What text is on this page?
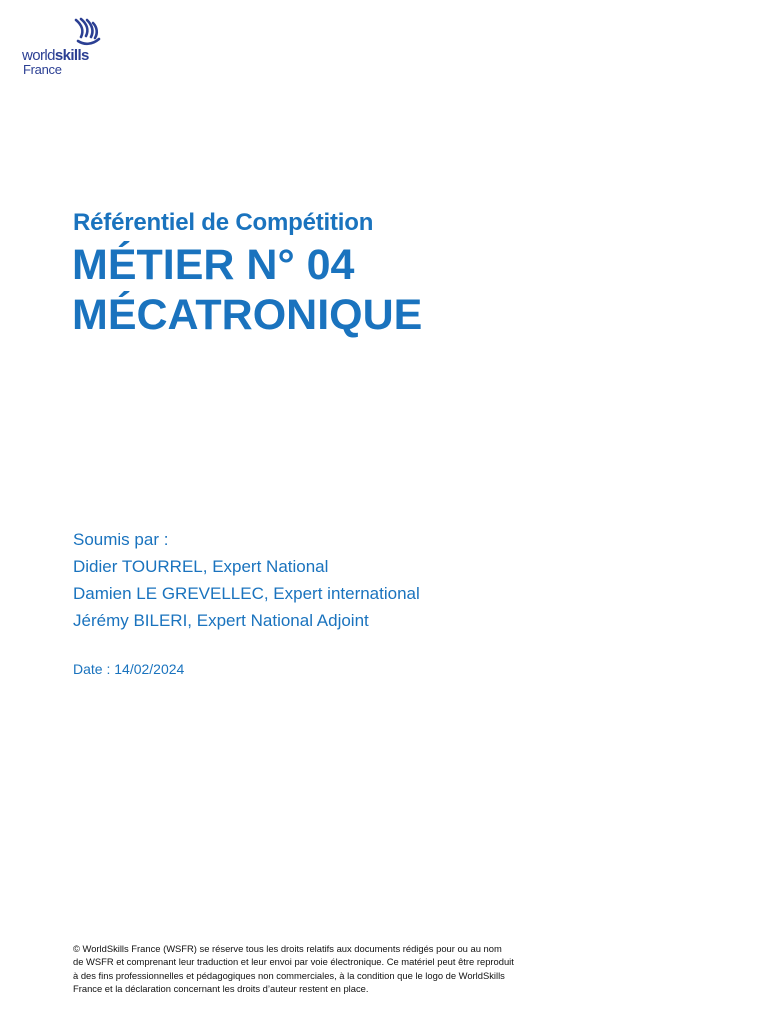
worldskills
France
Référentiel de Compétition
MÉTIER N° 04
MÉCATRONIQUE
Soumis par :
Didier TOURREL, Expert National
Damien LE GREVELLEC, Expert international
Jérémy BILERI, Expert National Adjoint
Date : 14/02/2024
© WorldSkills France (WSFR) se réserve tous les droits relatifs aux documents rédigés pour ou au nom
de WSFR et comprenant leur traduction et leur envoi par voie électronique. Ce matériel peut être reproduit
à des fins professionnelles et pédagogiques non commerciales, à la condition que le logo de WorldSkills
France et la déclaration concernant les droits d’auteur restent en place.
